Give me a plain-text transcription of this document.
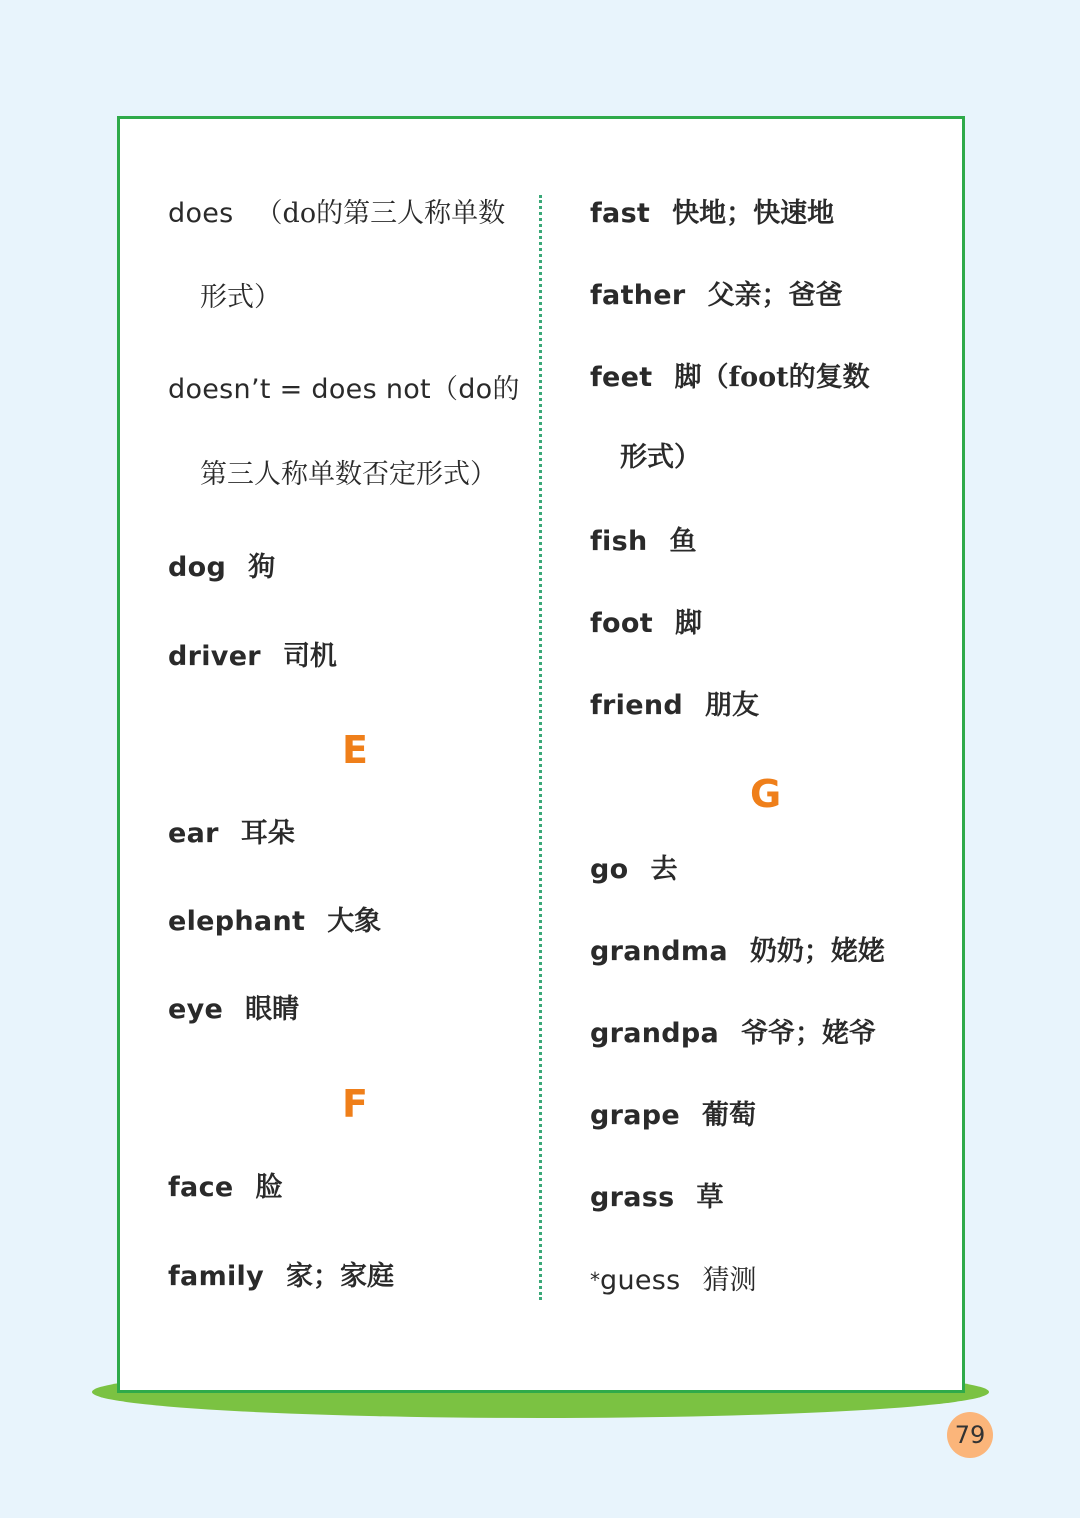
does （do的第三人称单数
形式）
doesn’t = does not（do的
第三人称单数否定形式）
dog 狗
driver 司机
E
ear 耳朵
elephant 大象
eye 眼睛
F
face 脸
family 家；家庭
fast 快地；快速地
father 父亲；爸爸
feet 脚（foot的复数
形式）
fish 鱼
foot 脚
friend 朋友
G
go 去
grandma 奶奶；姥姥
grandpa 爷爷；姥爷
grape 葡萄
grass 草
*guess 猜测
79
